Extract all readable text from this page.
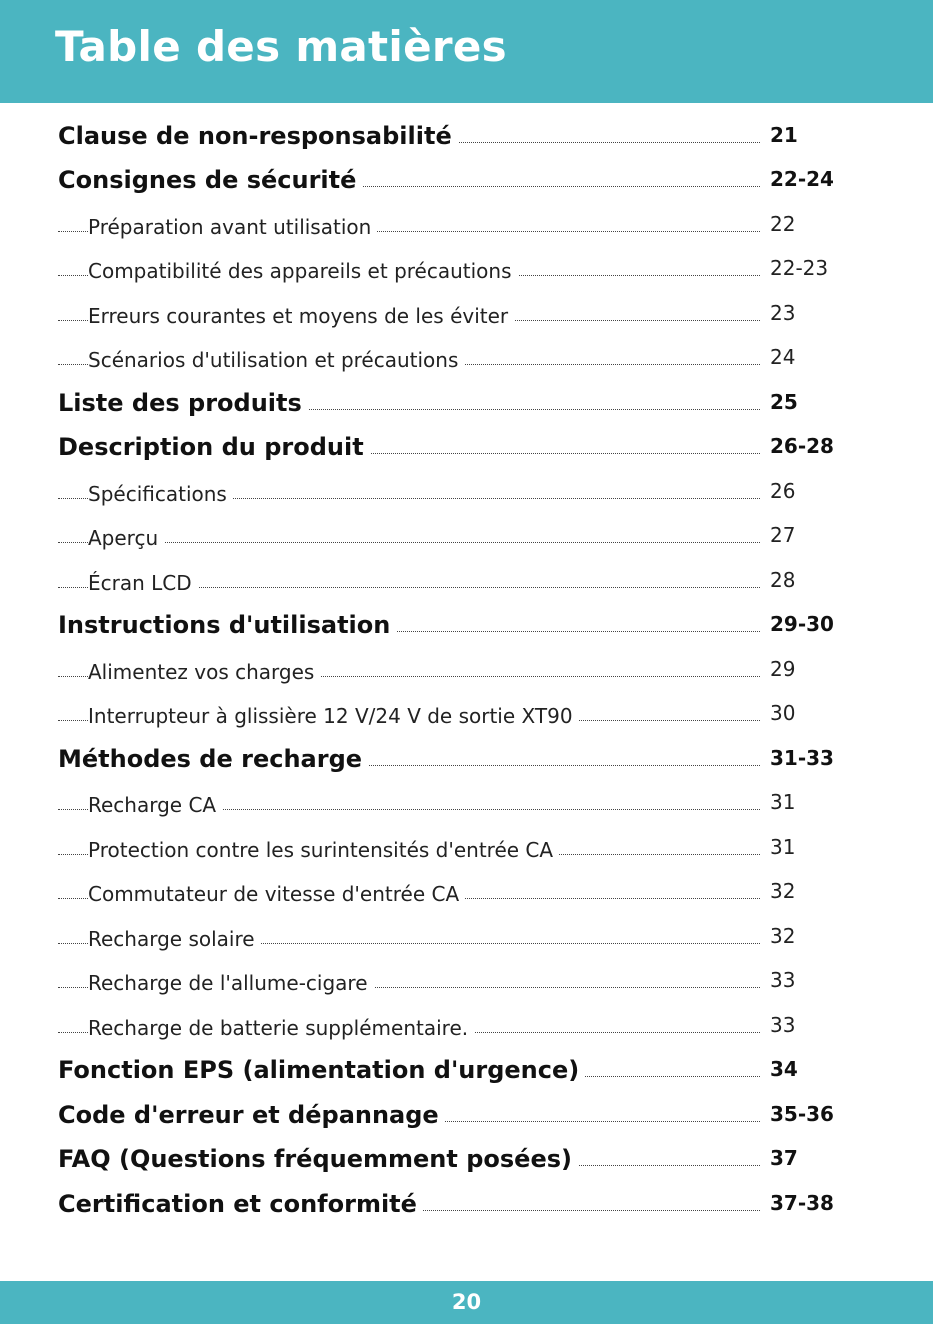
Table des matières
Clause de non-responsabilité	21
Consignes de sécurité	22-24
Préparation avant utilisation	22
Compatibilité des appareils et précautions	22-23
Erreurs courantes et moyens de les éviter	23
Scénarios d'utilisation et précautions	24
Liste des produits	25
Description du produit	26-28
Spécifications	26
Aperçu	27
Écran LCD	28
Instructions d'utilisation	29-30
Alimentez vos charges	29
Interrupteur à glissière 12 V/24 V de sortie XT90	30
Méthodes de recharge	31-33
Recharge CA	31
Protection contre les surintensités d'entrée CA	31
Commutateur de vitesse d'entrée CA	32
Recharge solaire	32
Recharge de l'allume-cigare	33
Recharge de batterie supplémentaire.	33
Fonction EPS (alimentation d'urgence)	34
Code d'erreur et dépannage	35-36
FAQ (Questions fréquemment posées)	37
Certification et conformité	37-38
20
